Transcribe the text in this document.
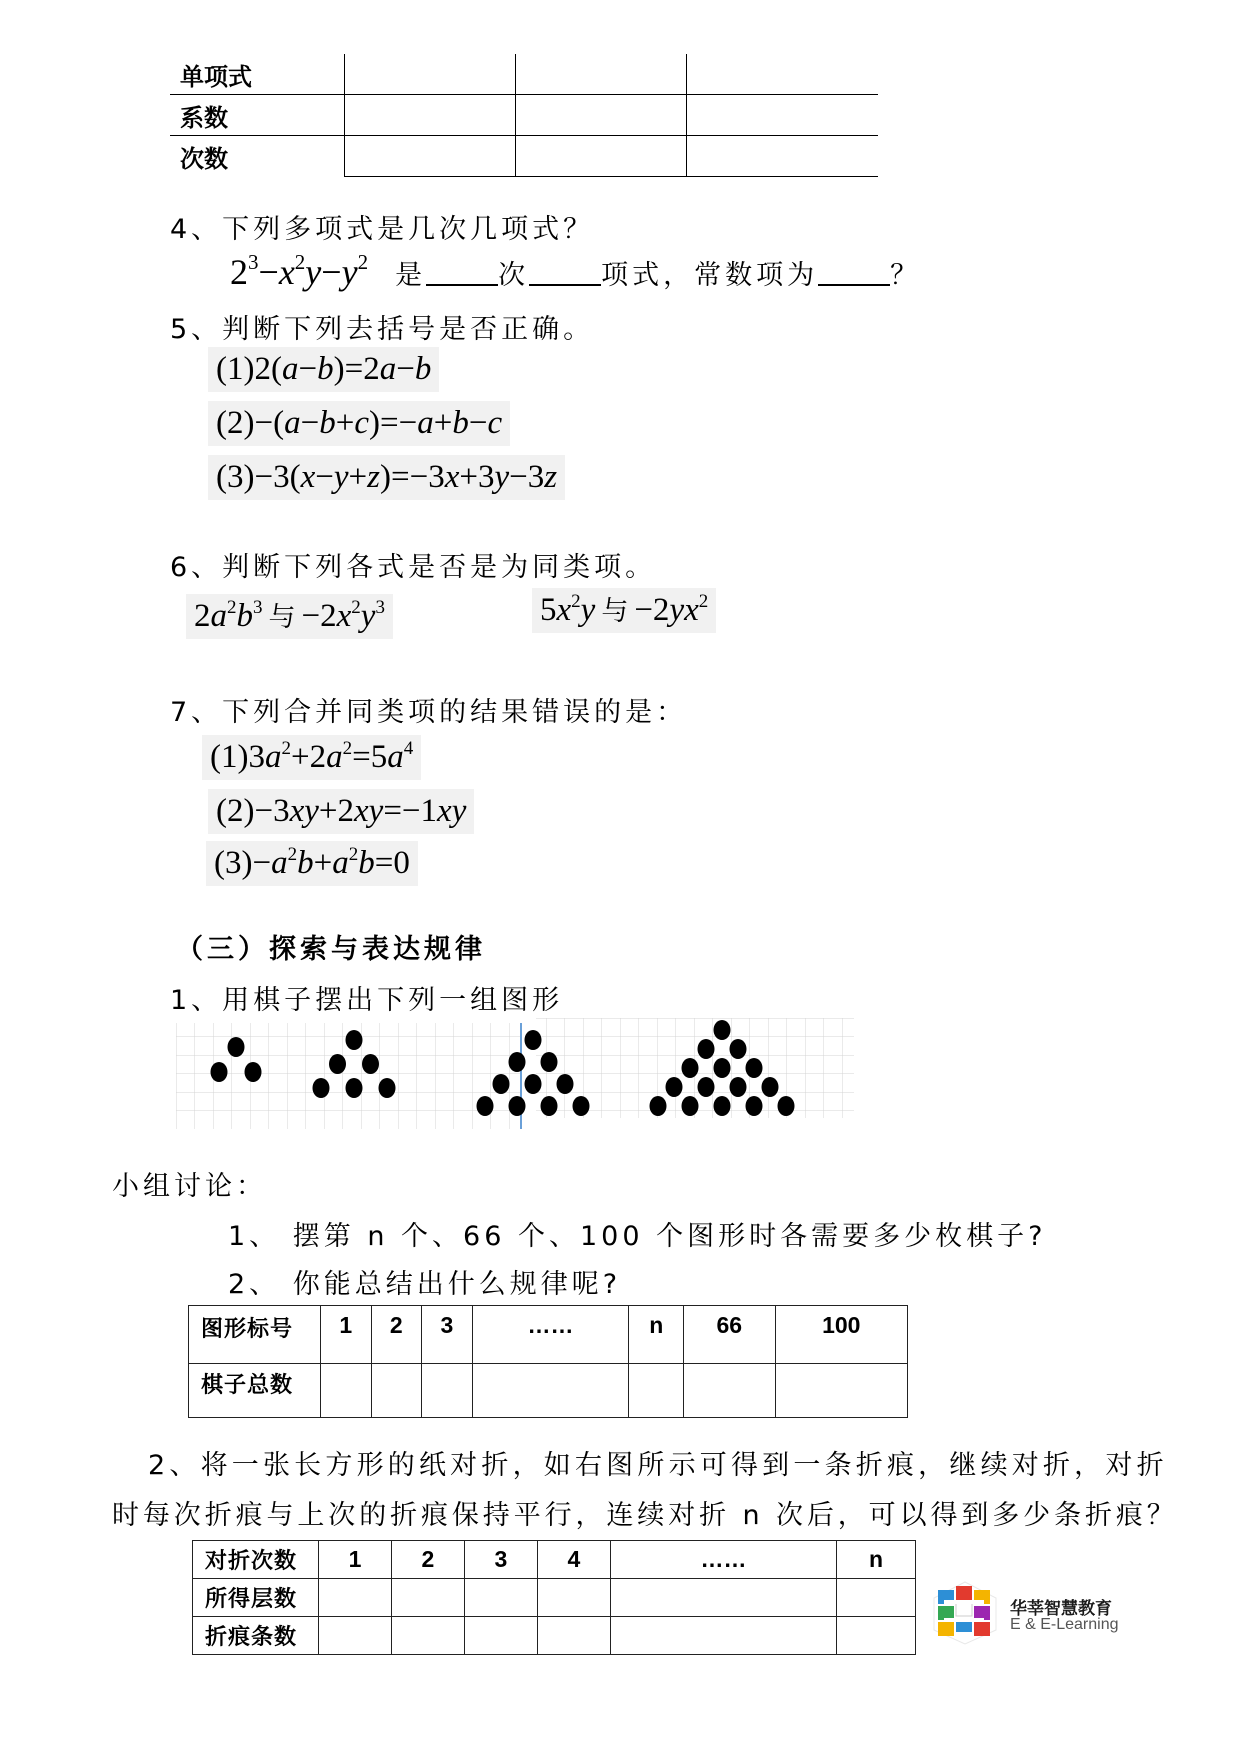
单项式			
系数			
次数			
4、下列多项式是几次几项式？
$2^3-x^2y-y^2$ 是	次	项式，常数项为	？
5、判断下列去括号是否正确。
(1)2(a−b)=2a−b
(2)−(a−b+c)=−a+b−c
(3)−3(x−y+z)=−3x+3y−3z
6、判断下列各式是否是为同类项。
$2a^2b^3$ 与 $-2x^2y^3$	$5x^2y$ 与 $-2yx^2$
7、下列合并同类项的结果错误的是：
$(1)3a^2+2a^2=5a^4$
(2)−3xy+2xy=−1xy
$(3)-a^2b+a^2b=0$
（三）探索与表达规律
1、用棋子摆出下列一组图形
小组讨论：
1、 摆第 n 个、66 个、100 个图形时各需要多少枚棋子?
2、 你能总结出什么规律呢?
图形标号	1	2	3	……	n	66	100
棋子总数							
2、将一张长方形的纸对折，如右图所示可得到一条折痕，继续对折，对折
时每次折痕与上次的折痕保持平行，连续对折 n 次后，可以得到多少条折痕？
对折次数	1	2	3	4	……	n
所得层数						
折痕条数						
华莘智慧教育
E & E-Learning
